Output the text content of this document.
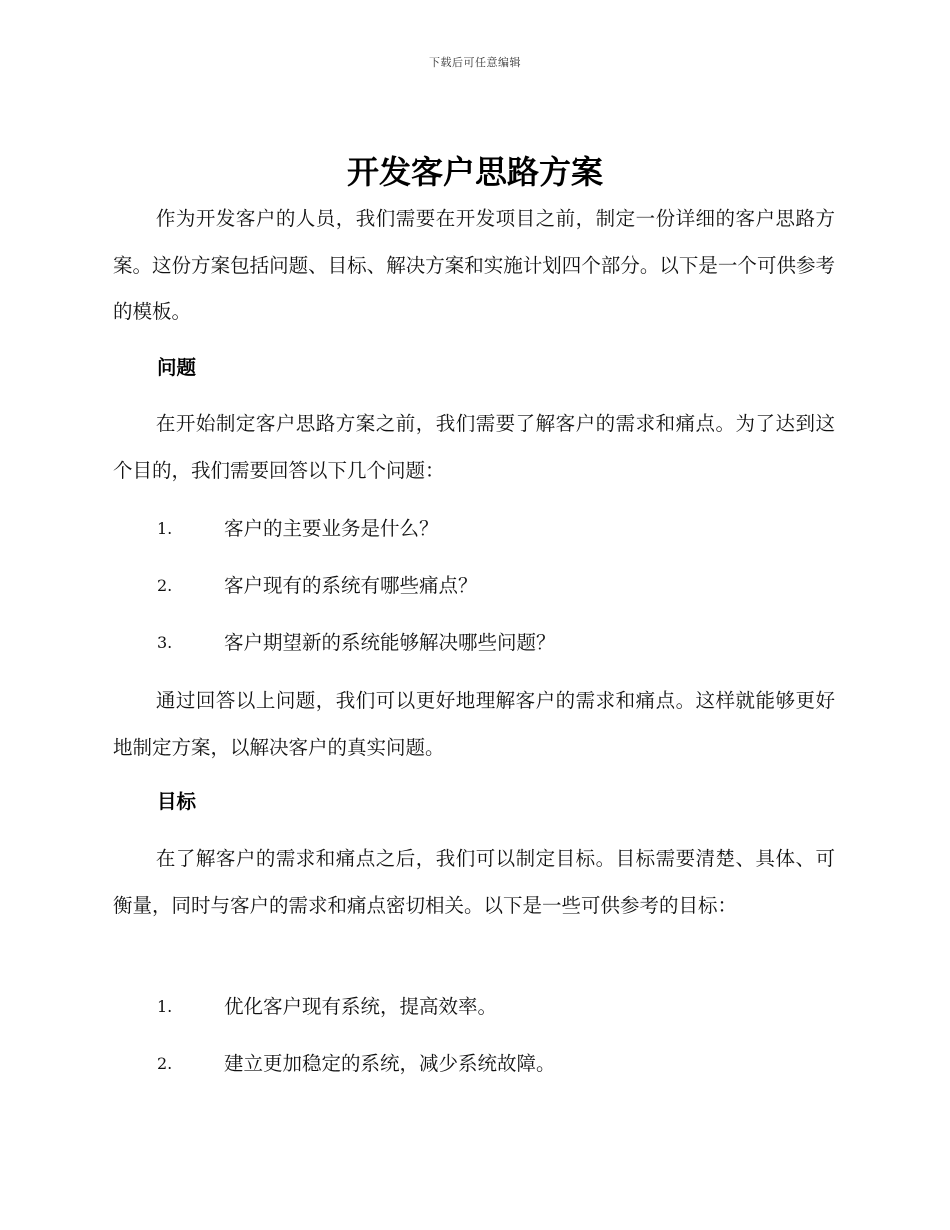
下载后可任意编辑
开发客户思路方案

作为开发客户的人员，我们需要在开发项目之前，制定一份详细的客户思路方案。这份方案包括问题、目标、解决方案和实施计划四个部分。以下是一个可供参考的模板。

问题

在开始制定客户思路方案之前，我们需要了解客户的需求和痛点。为了达到这个目的，我们需要回答以下几个问题：

1.	客户的主要业务是什么？
2.	客户现有的系统有哪些痛点？
3.	客户期望新的系统能够解决哪些问题？

通过回答以上问题，我们可以更好地理解客户的需求和痛点。这样就能够更好地制定方案，以解决客户的真实问题。

目标

在了解客户的需求和痛点之后，我们可以制定目标。目标需要清楚、具体、可衡量，同时与客户的需求和痛点密切相关。以下是一些可供参考的目标：

1.	优化客户现有系统，提高效率。
2.	建立更加稳定的系统，减少系统故障。
